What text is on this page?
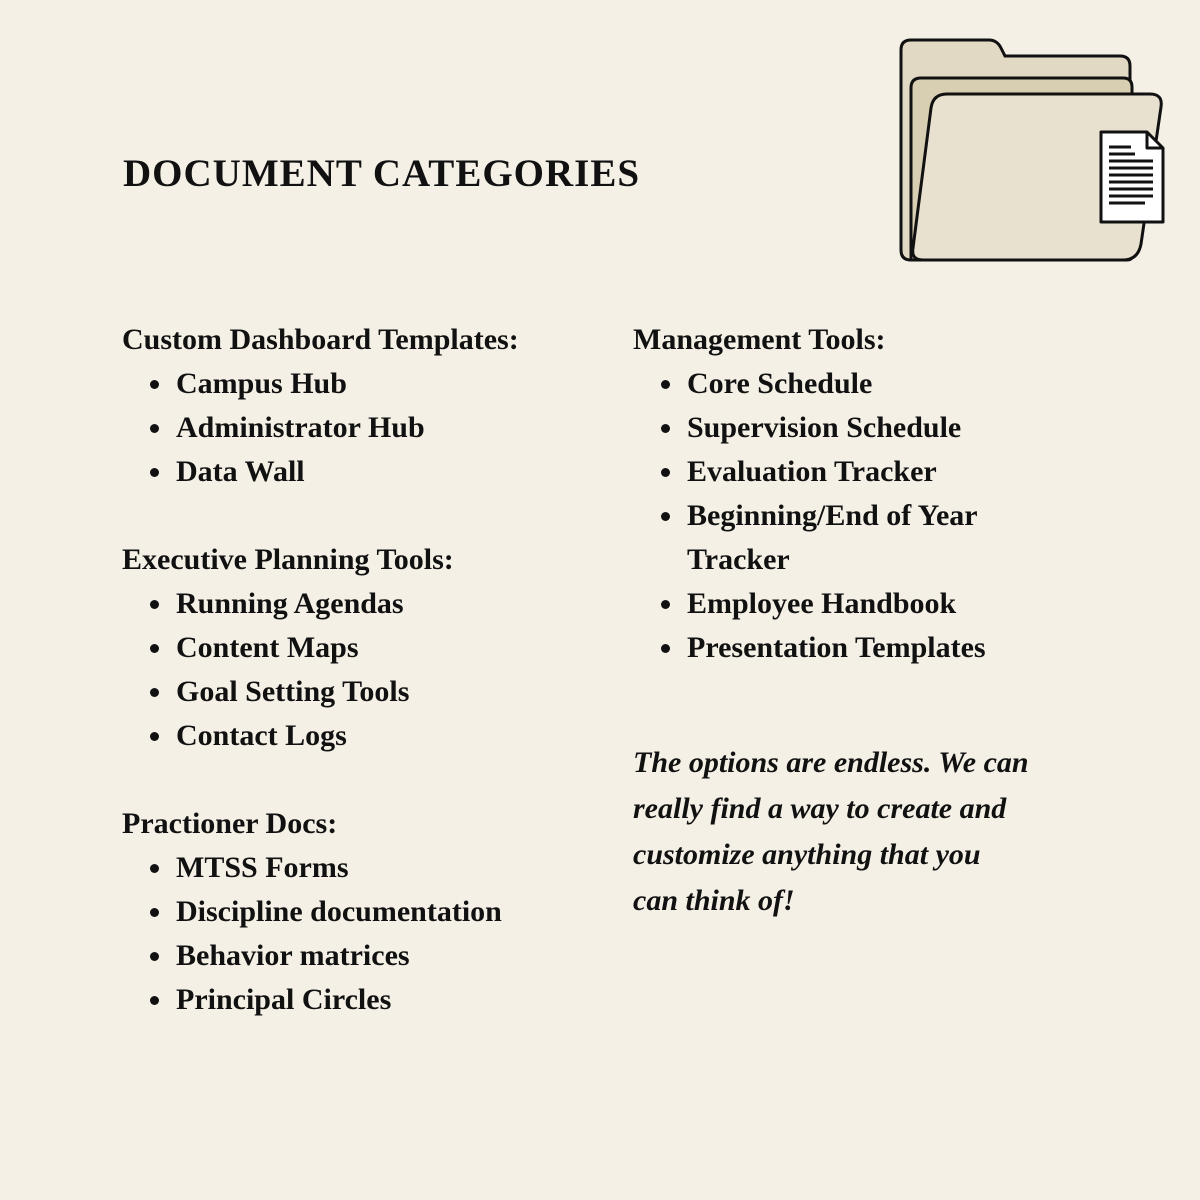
DOCUMENT CATEGORIES

Custom Dashboard Templates:

Campus Hub
Administrator Hub
Data Wall

Executive Planning Tools:

Running Agendas
Content Maps
Goal Setting Tools
Contact Logs

Practioner Docs:

MTSS Forms
Discipline documentation
Behavior matrices
Principal Circles

Management Tools:

Core Schedule
Supervision Schedule
Evaluation Tracker
Beginning/End of Year Tracker
Employee Handbook
Presentation Templates

The options are endless. We can really find a way to create and customize anything that you can think of!
